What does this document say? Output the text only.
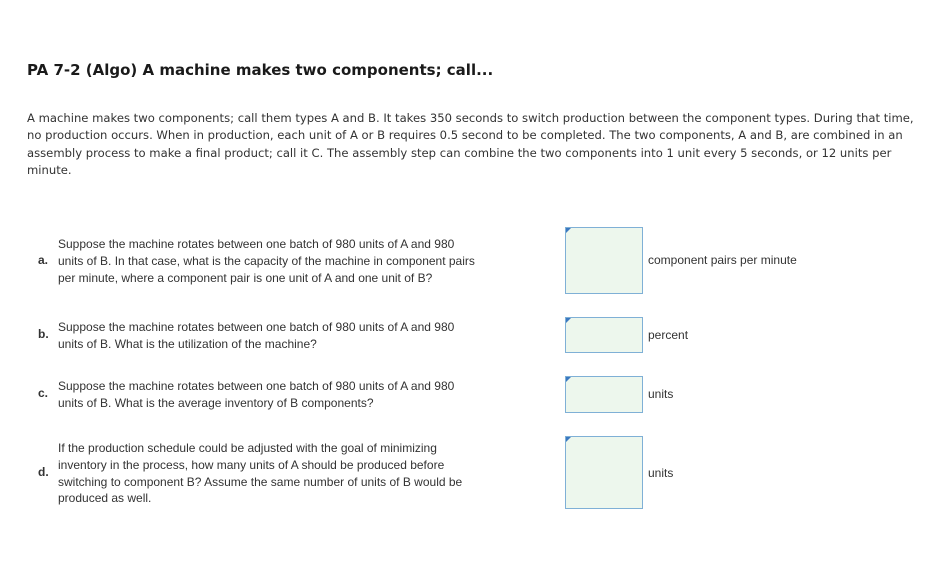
PA 7-2 (Algo) A machine makes two components; call...
A machine makes two components; call them types A and B. It takes 350 seconds to switch production between the component types. During that time, no production occurs. When in production, each unit of A or B requires 0.5 second to be completed. The two components, A and B, are combined in an assembly process to make a final product; call it C. The assembly step can combine the two components into 1 unit every 5 seconds, or 12 units per minute.
a.
Suppose the machine rotates between one batch of 980 units of A and 980
units of B. In that case, what is the capacity of the machine in component pairs
per minute, where a component pair is one unit of A and one unit of B?
component pairs per minute
b. Suppose the machine rotates between one batch of 980 units of A and 980
units of B. What is the utilization of the machine?
percent
c. Suppose the machine rotates between one batch of 980 units of A and 980
units of B. What is the average inventory of B components?
units
d.
If the production schedule could be adjusted with the goal of minimizing
inventory in the process, how many units of A should be produced before
switching to component B? Assume the same number of units of B would be
produced as well.
units
